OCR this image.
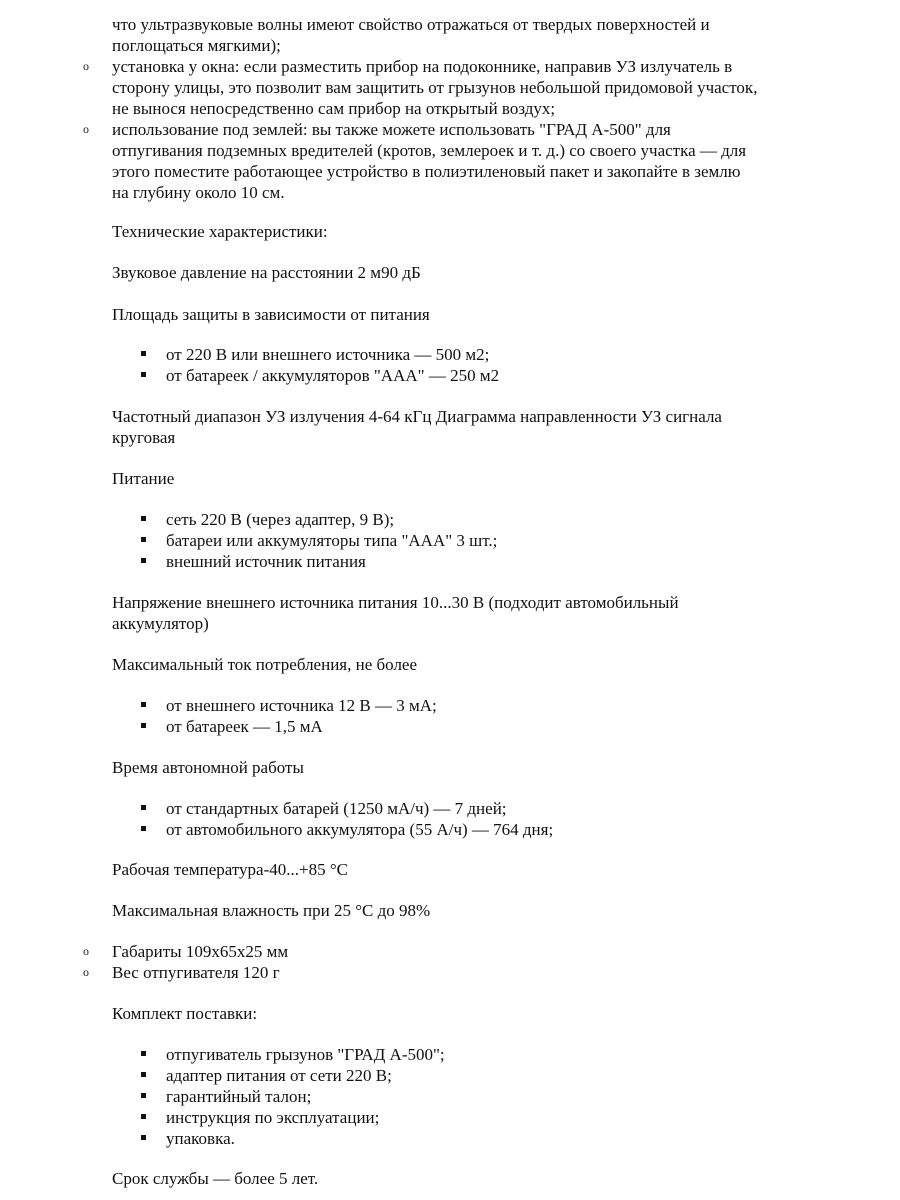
что ультразвуковые волны имеют свойство отражаться от твердых поверхностей и
поглощаться мягкими);
o установка у окна: если разместить прибор на подоконнике, направив УЗ излучатель в
сторону улицы, это позволит вам защитить от грызунов небольшой придомовой участок,
не вынося непосредственно сам прибор на открытый воздух;
o использование под землей: вы также можете использовать "ГРАД А-500" для
отпугивания подземных вредителей (кротов, землероек и т. д.) со своего участка — для
этого поместите работающее устройство в полиэтиленовый пакет и закопайте в землю
на глубину около 10 см.
Технические характеристики:
Звуковое давление на расстоянии 2 м90 дБ
Площадь защиты в зависимости от питания
от 220 В или внешнего источника — 500 м2;
от батареек / аккумуляторов "ААА" — 250 м2
Частотный диапазон УЗ излучения 4-64 кГц Диаграмма направленности УЗ сигнала
круговая
Питание
сеть 220 В (через адаптер, 9 В);
батареи или аккумуляторы типа "ААА" 3 шт.;
внешний источник питания
Напряжение внешнего источника питания 10...30 В (подходит автомобильный
аккумулятор)
Максимальный ток потребления, не более
от внешнего источника 12 В — 3 мА;
от батареек — 1,5 мА
Время автономной работы
от стандартных батарей (1250 мА/ч) — 7 дней;
от автомобильного аккумулятора (55 А/ч) — 764 дня;
Рабочая температура-40...+85 °C
Максимальная влажность при 25 °C до 98%
o Габариты 109x65x25 мм
o Вес отпугивателя 120 г
Комплект поставки:
отпугиватель грызунов "ГРАД А-500";
адаптер питания от сети 220 В;
гарантийный талон;
инструкция по эксплуатации;
упаковка.
Срок службы — более 5 лет.
